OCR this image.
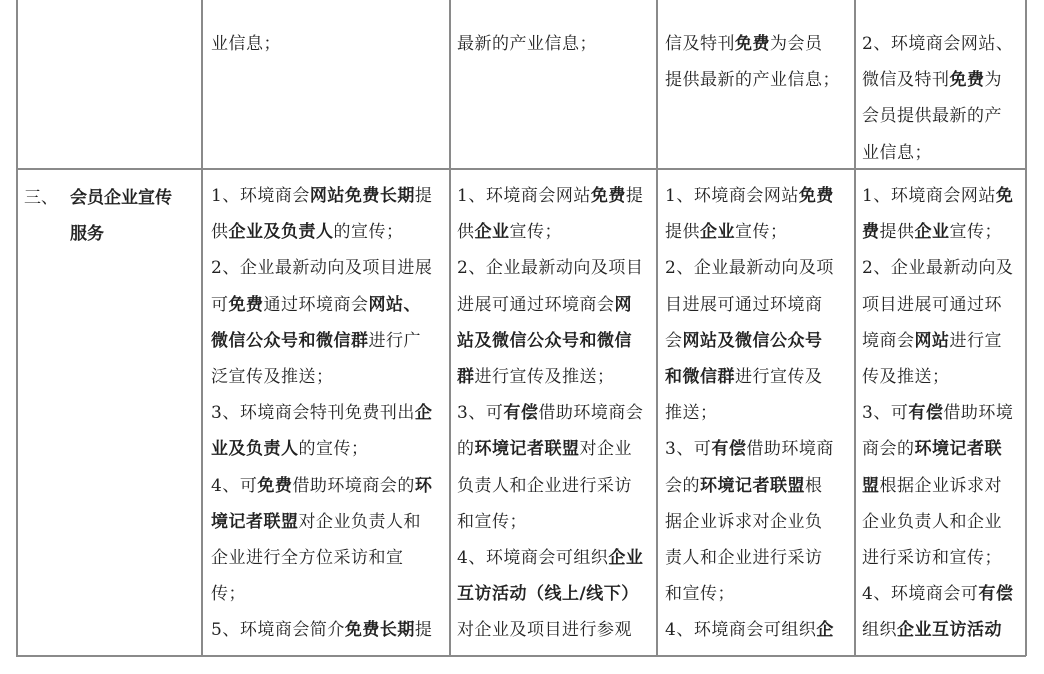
业信息；	最新的产业信息；	信及特刊免费为会员
提供最新的产业信息；
2、环境商会网站、
微信及特刊免费为
会员提供最新的产
业信息；
三、 会员企业宣传
服务
1、环境商会网站免费长期提
供企业及负责人的宣传；
2、企业最新动向及项目进展
可免费通过环境商会网站、
微信公众号和微信群进行广
泛宣传及推送；
3、环境商会特刊免费刊出企
业及负责人的宣传；
4、可免费借助环境商会的环
境记者联盟对企业负责人和
企业进行全方位采访和宣
传；
5、环境商会简介免费长期提
1、环境商会网站免费提
供企业宣传；
2、企业最新动向及项目
进展可通过环境商会网
站及微信公众号和微信
群进行宣传及推送；
3、可有偿借助环境商会
的环境记者联盟对企业
负责人和企业进行采访
和宣传；
4、环境商会可组织企业
互访活动（线上/线下）
对企业及项目进行参观
1、环境商会网站免费
提供企业宣传；
2、企业最新动向及项
目进展可通过环境商
会网站及微信公众号
和微信群进行宣传及
推送；
3、可有偿借助环境商
会的环境记者联盟根
据企业诉求对企业负
责人和企业进行采访
和宣传；
4、环境商会可组织企
1、环境商会网站免
费提供企业宣传；
2、企业最新动向及
项目进展可通过环
境商会网站进行宣
传及推送；
3、可有偿借助环境
商会的环境记者联
盟根据企业诉求对
企业负责人和企业
进行采访和宣传；
4、环境商会可有偿
组织企业互访活动
